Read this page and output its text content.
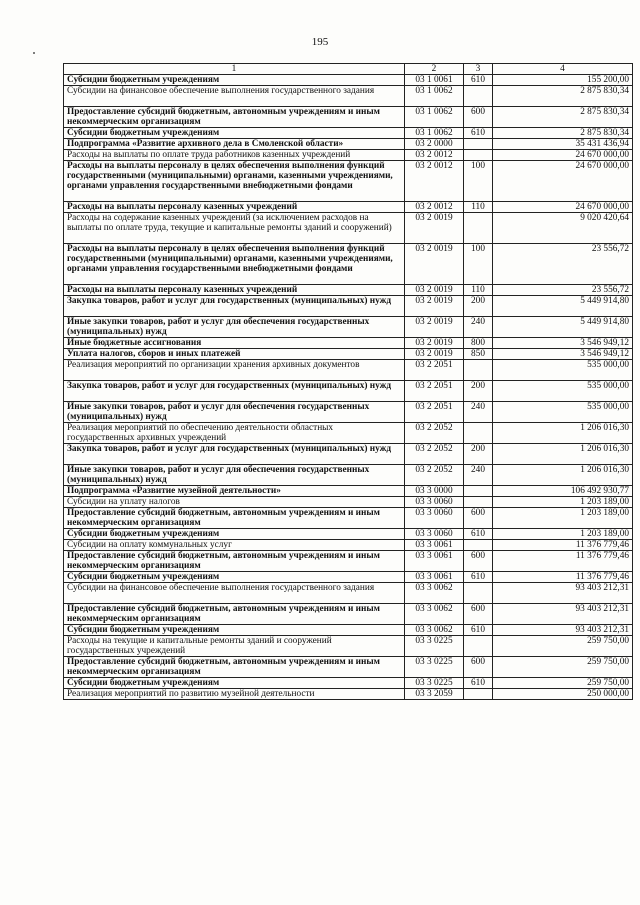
195
1	2	3	4
Субсидии бюджетным учреждениям	03 1 0061	610	155 200,00
Субсидии на финансовое обеспечение выполнения государственного задания	03 1 0062		2 875 830,34
Предоставление субсидий бюджетным, автономным учреждениям и иным некоммерческим организациям	03 1 0062	600	2 875 830,34
Субсидии бюджетным учреждениям	03 1 0062	610	2 875 830,34
Подпрограмма «Развитие архивного дела в Смоленской области»	03 2 0000		35 431 436,94
Расходы на выплаты по оплате труда работников казенных учреждений	03 2 0012		24 670 000,00
Расходы на выплаты персоналу в целях обеспечения выполнения функций государственными (муниципальными) органами, казенными учреждениями, органами управления государственными внебюджетными фондами	03 2 0012	100	24 670 000,00
Расходы на выплаты персоналу казенных учреждений	03 2 0012	110	24 670 000,00
Расходы на содержание казенных учреждений (за исключением расходов на выплаты по оплате труда, текущие и капитальные ремонты зданий и сооружений)	03 2 0019		9 020 420,64
Расходы на выплаты персоналу в целях обеспечения выполнения функций государственными (муниципальными) органами, казенными учреждениями, органами управления государственными внебюджетными фондами	03 2 0019	100	23 556,72
Расходы на выплаты персоналу казенных учреждений	03 2 0019	110	23 556,72
Закупка товаров, работ и услуг для государственных (муниципальных) нужд	03 2 0019	200	5 449 914,80
Иные закупки товаров, работ и услуг для обеспечения государственных (муниципальных) нужд	03 2 0019	240	5 449 914,80
Иные бюджетные ассигнования	03 2 0019	800	3 546 949,12
Уплата налогов, сборов и иных платежей	03 2 0019	850	3 546 949,12
Реализация мероприятий по организации хранения архивных документов	03 2 2051		535 000,00
Закупка товаров, работ и услуг для государственных (муниципальных) нужд	03 2 2051	200	535 000,00
Иные закупки товаров, работ и услуг для обеспечения государственных (муниципальных) нужд	03 2 2051	240	535 000,00
Реализация мероприятий по обеспечению деятельности областных государственных архивных учреждений	03 2 2052		1 206 016,30
Закупка товаров, работ и услуг для государственных (муниципальных) нужд	03 2 2052	200	1 206 016,30
Иные закупки товаров, работ и услуг для обеспечения государственных (муниципальных) нужд	03 2 2052	240	1 206 016,30
Подпрограмма «Развитие музейной деятельности»	03 3 0000		106 492 930,77
Субсидии на уплату налогов	03 3 0060		1 203 189,00
Предоставление субсидий бюджетным, автономным учреждениям и иным некоммерческим организациям	03 3 0060	600	1 203 189,00
Субсидии бюджетным учреждениям	03 3 0060	610	1 203 189,00
Субсидии на оплату коммунальных услуг	03 3 0061		11 376 779,46
Предоставление субсидий бюджетным, автономным учреждениям и иным некоммерческим организациям	03 3 0061	600	11 376 779,46
Субсидии бюджетным учреждениям	03 3 0061	610	11 376 779,46
Субсидии на финансовое обеспечение выполнения государственного задания	03 3 0062		93 403 212,31
Предоставление субсидий бюджетным, автономным учреждениям и иным некоммерческим организациям	03 3 0062	600	93 403 212,31
Субсидии бюджетным учреждениям	03 3 0062	610	93 403 212,31
Расходы на текущие и капитальные ремонты зданий и сооружений государственных учреждений	03 3 0225		259 750,00
Предоставление субсидий бюджетным, автономным учреждениям и иным некоммерческим организациям	03 3 0225	600	259 750,00
Субсидии бюджетным учреждениям	03 3 0225	610	259 750,00
Реализация мероприятий по развитию музейной деятельности	03 3 2059		250 000,00
